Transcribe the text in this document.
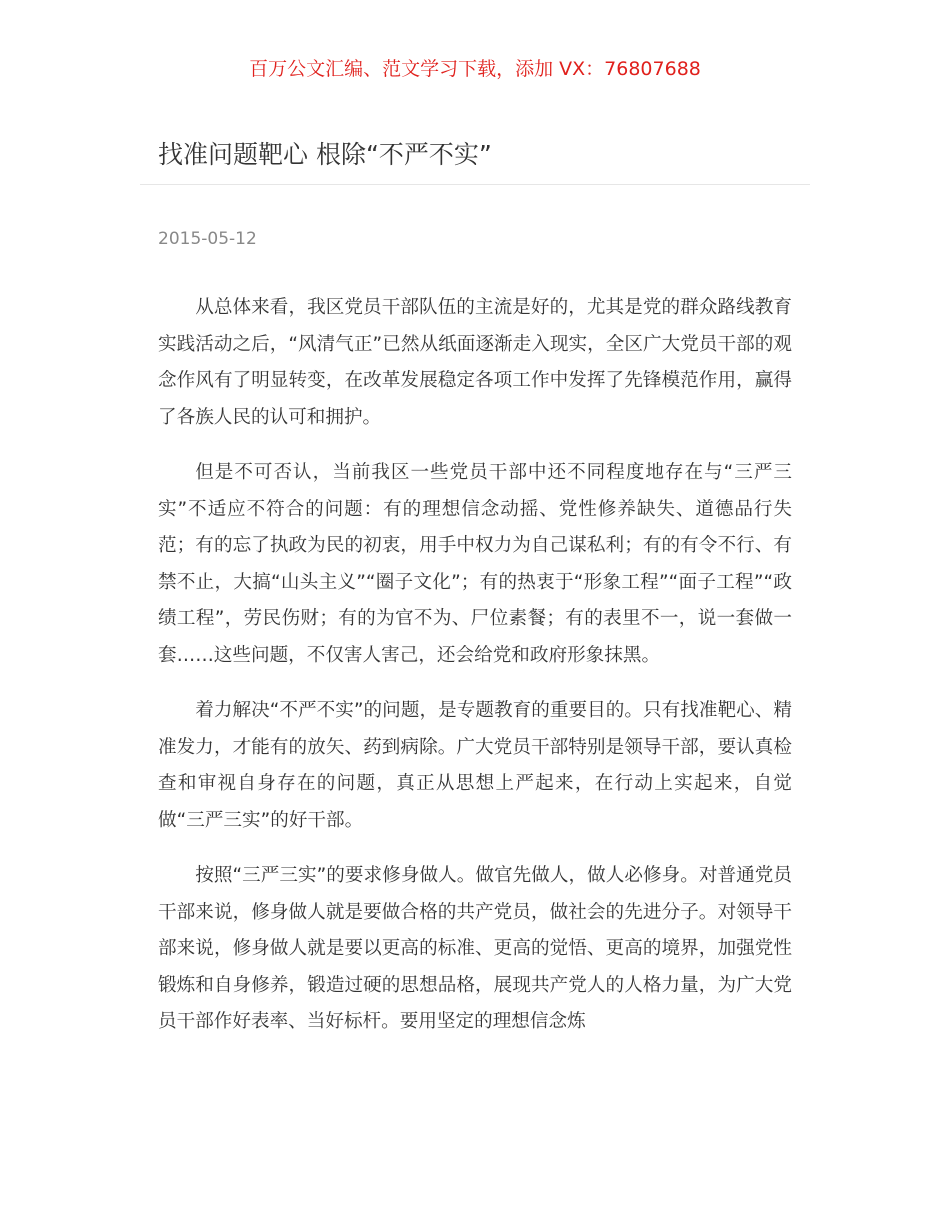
百万公文汇编、范文学习下载，添加 VX：76807688
找准问题靶心 根除“不严不实”
2015-05-12

从总体来看，我区党员干部队伍的主流是好的，尤其是党的群众路线教育实践活动之后，“风清气正”已然从纸面逐渐走入现实，全区广大党员干部的观念作风有了明显转变，在改革发展稳定各项工作中发挥了先锋模范作用，赢得了各族人民的认可和拥护。

但是不可否认，当前我区一些党员干部中还不同程度地存在与“三严三实”不适应不符合的问题：有的理想信念动摇、党性修养缺失、道德品行失范；有的忘了执政为民的初衷，用手中权力为自己谋私利；有的有令不行、有禁不止，大搞“山头主义”“圈子文化”；有的热衷于“形象工程”“面子工程”“政绩工程”，劳民伤财；有的为官不为、尸位素餐；有的表里不一，说一套做一套……这些问题，不仅害人害己，还会给党和政府形象抹黑。

着力解决“不严不实”的问题，是专题教育的重要目的。只有找准靶心、精准发力，才能有的放矢、药到病除。广大党员干部特别是领导干部，要认真检查和审视自身存在的问题，真正从思想上严起来，在行动上实起来，自觉做“三严三实”的好干部。

按照“三严三实”的要求修身做人。做官先做人，做人必修身。对普通党员干部来说，修身做人就是要做合格的共产党员，做社会的先进分子。对领导干部来说，修身做人就是要以更高的标准、更高的觉悟、更高的境界，加强党性锻炼和自身修养，锻造过硬的思想品格，展现共产党人的人格力量，为广大党员干部作好表率、当好标杆。要用坚定的理想信念炼
